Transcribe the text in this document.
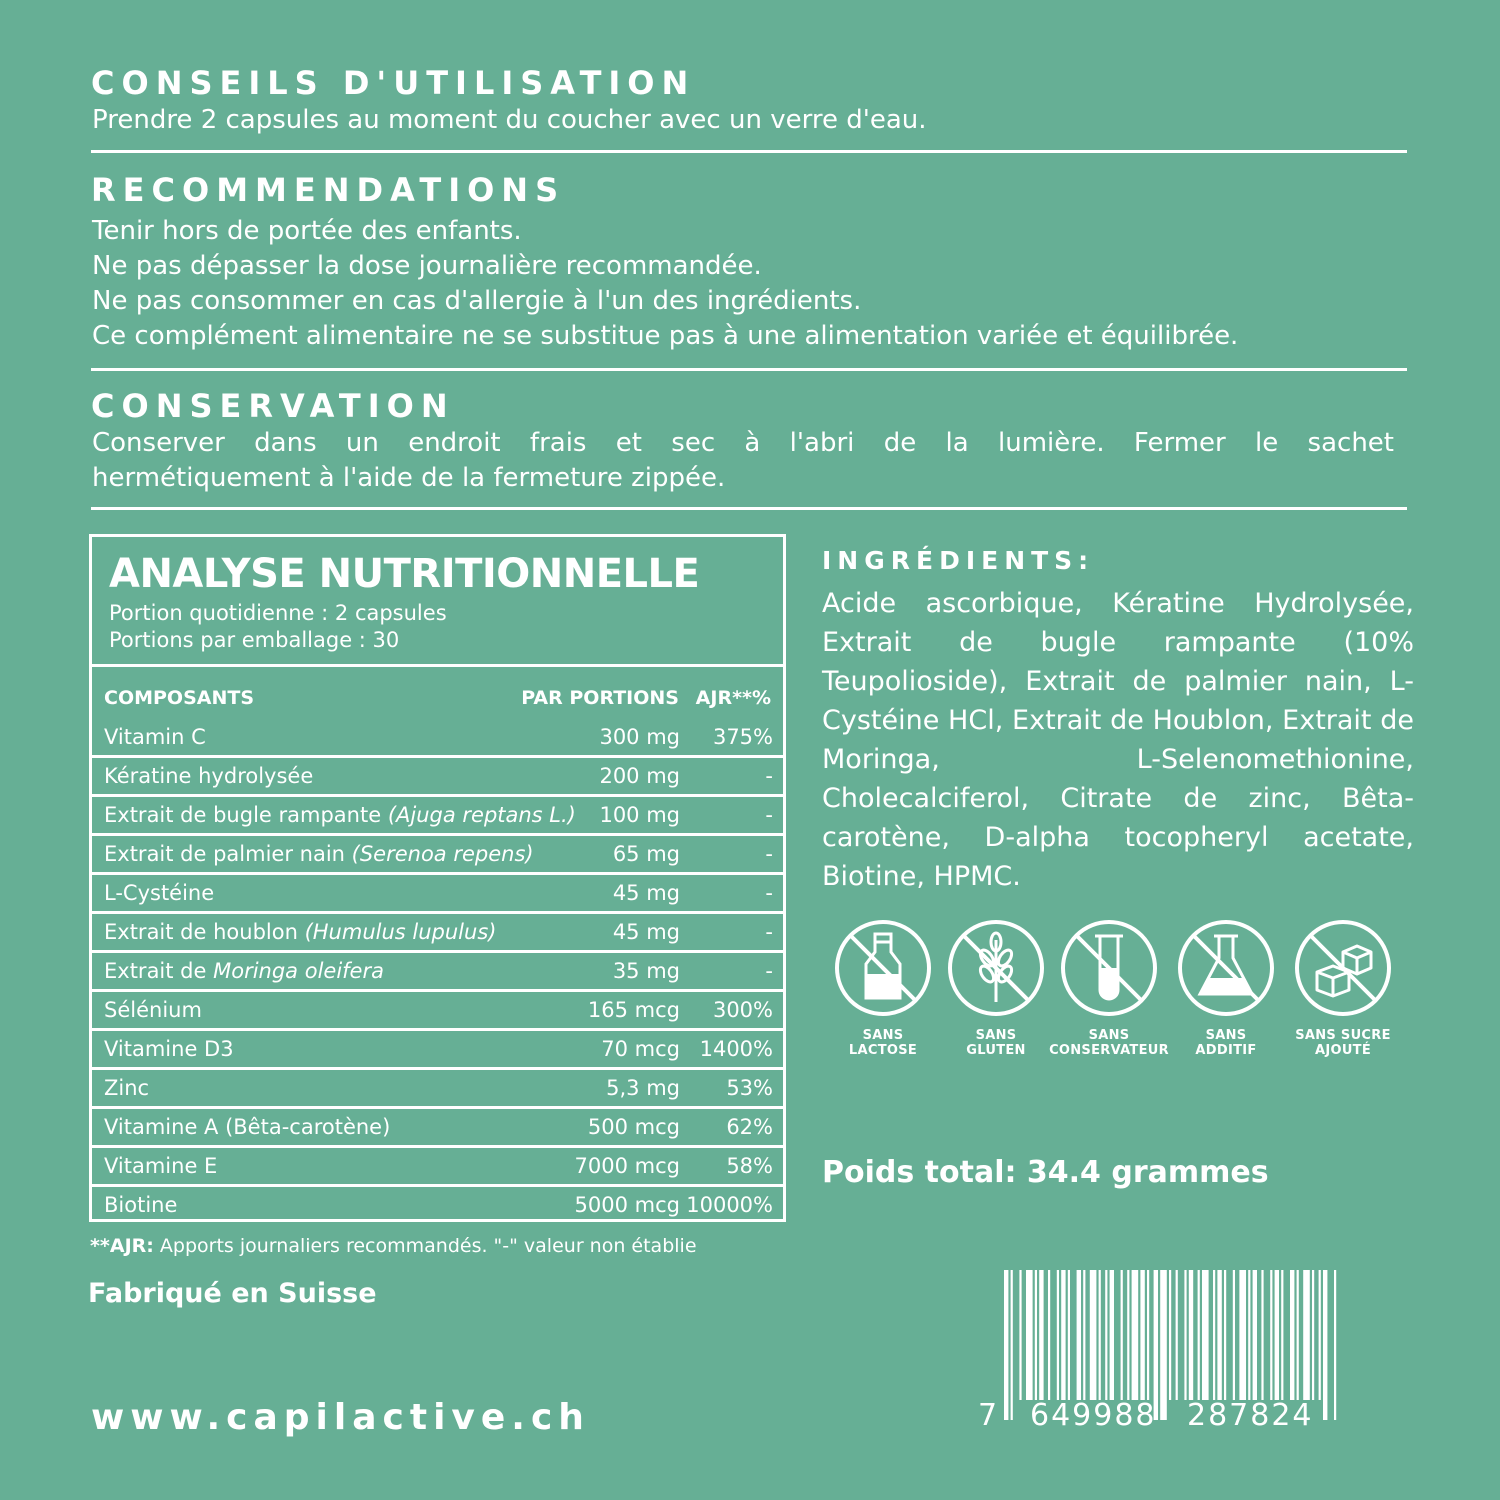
CONSEILS D'UTILISATION
Prendre 2 capsules au moment du coucher avec un verre d'eau.
RECOMMENDATIONS
Tenir hors de portée des enfants.
Ne pas dépasser la dose journalière recommandée.
Ne pas consommer en cas d'allergie à l'un des ingrédients.
Ce complément alimentaire ne se substitue pas à une alimentation variée et équilibrée.
CONSERVATION
Conserver dans un endroit frais et sec à l'abri de la lumière. Fermer le sachet
hermétiquement à l'aide de la fermeture zippée.
ANALYSE NUTRITIONNELLE
Portion quotidienne : 2 capsules
Portions par emballage : 30
COMPOSANTS	PAR PORTIONS AJR**%
Vitamin C	300 mg 375%
Kératine hydrolysée	200 mg	-
Extrait de bugle rampante (Ajuga reptans L.) 100 mg	-
Extrait de palmier nain (Serenoa repens)	65 mg	-
L-Cystéine	45 mg	-
Extrait de houblon (Humulus lupulus)	45 mg	-
Extrait de Moringa oleifera	35 mg	-
Sélénium	165 mcg 300%
Vitamine D3	70 mcg 1400%
Zinc	5,3 mg 53%
Vitamine A (Bêta-carotène)	500 mcg 62%
Vitamine E	7000 mcg 58%
Biotine	5000 mcg 10000%
**AJR: Apports journaliers recommandés. "-" valeur non établie
Fabriqué en Suisse
www.capilactive.ch
INGRÉDIENTS:
Acide ascorbique, Kératine Hydrolysée, Extrait de bugle rampante (10% Teupolioside), Extrait de palmier nain, L-Cystéine HCl, Extrait de Houblon, Extrait de Moringa, L-Selenomethionine, Cholecalciferol, Citrate de zinc, Bêta-carotène, D-alpha tocopheryl acetate, Biotine, HPMC.
SANS
LACTOSE
SANS
GLUTEN
SANS
CONSERVATEUR
SANS
ADDITIF
SANS SUCRE
AJOUTÉ
Poids total: 34.4 grammes
7 649988 287824
